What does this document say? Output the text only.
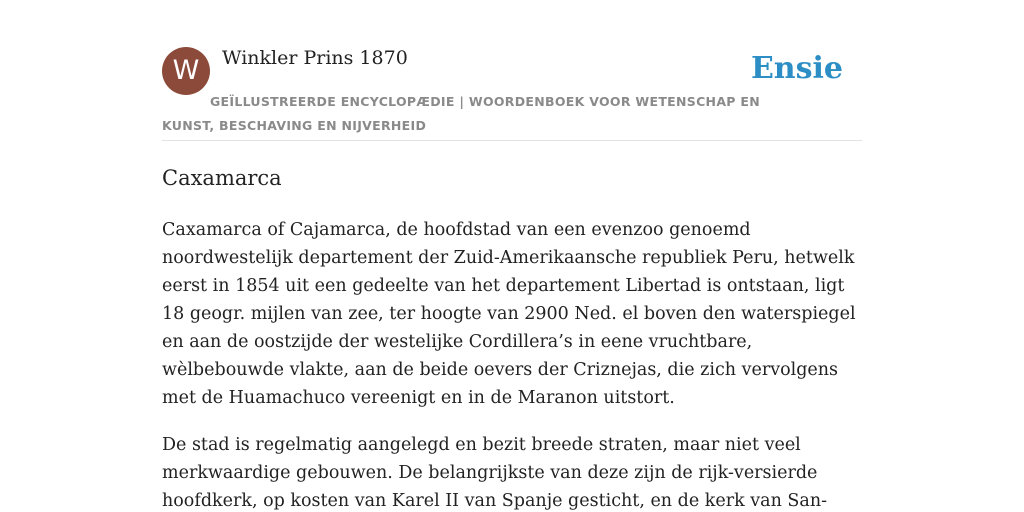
W	Winkler Prins 1870	Ensie
GEÏLLUSTREERDE ENCYCLOPÆDIE | WOORDENBOEK VOOR WETENSCHAP EN KUNST, BESCHAVING EN NIJVERHEID
Caxamarca

Caxamarca of Cajamarca, de hoofdstad van een evenzoo genoemd noordwestelijk departement der Zuid-Amerikaansche republiek Peru, hetwelk eerst in 1854 uit een gedeelte van het departement Libertad is ontstaan, ligt 18 geogr. mijlen van zee, ter hoogte van 2900 Ned. el boven den waterspiegel en aan de oostzijde der westelijke Cordillera’s in eene vruchtbare, wèlbebouwde vlakte, aan de beide oevers der Criznejas, die zich vervolgens met de Huamachuco vereenigt en in de Maranon uitstort.

De stad is regelmatig aangelegd en bezit breede straten, maar niet veel merkwaardige gebouwen. De belangrijkste van deze zijn de rijk-versierde hoofdkerk, op kosten van Karel II van Spanje gesticht, en de kerk van San-
